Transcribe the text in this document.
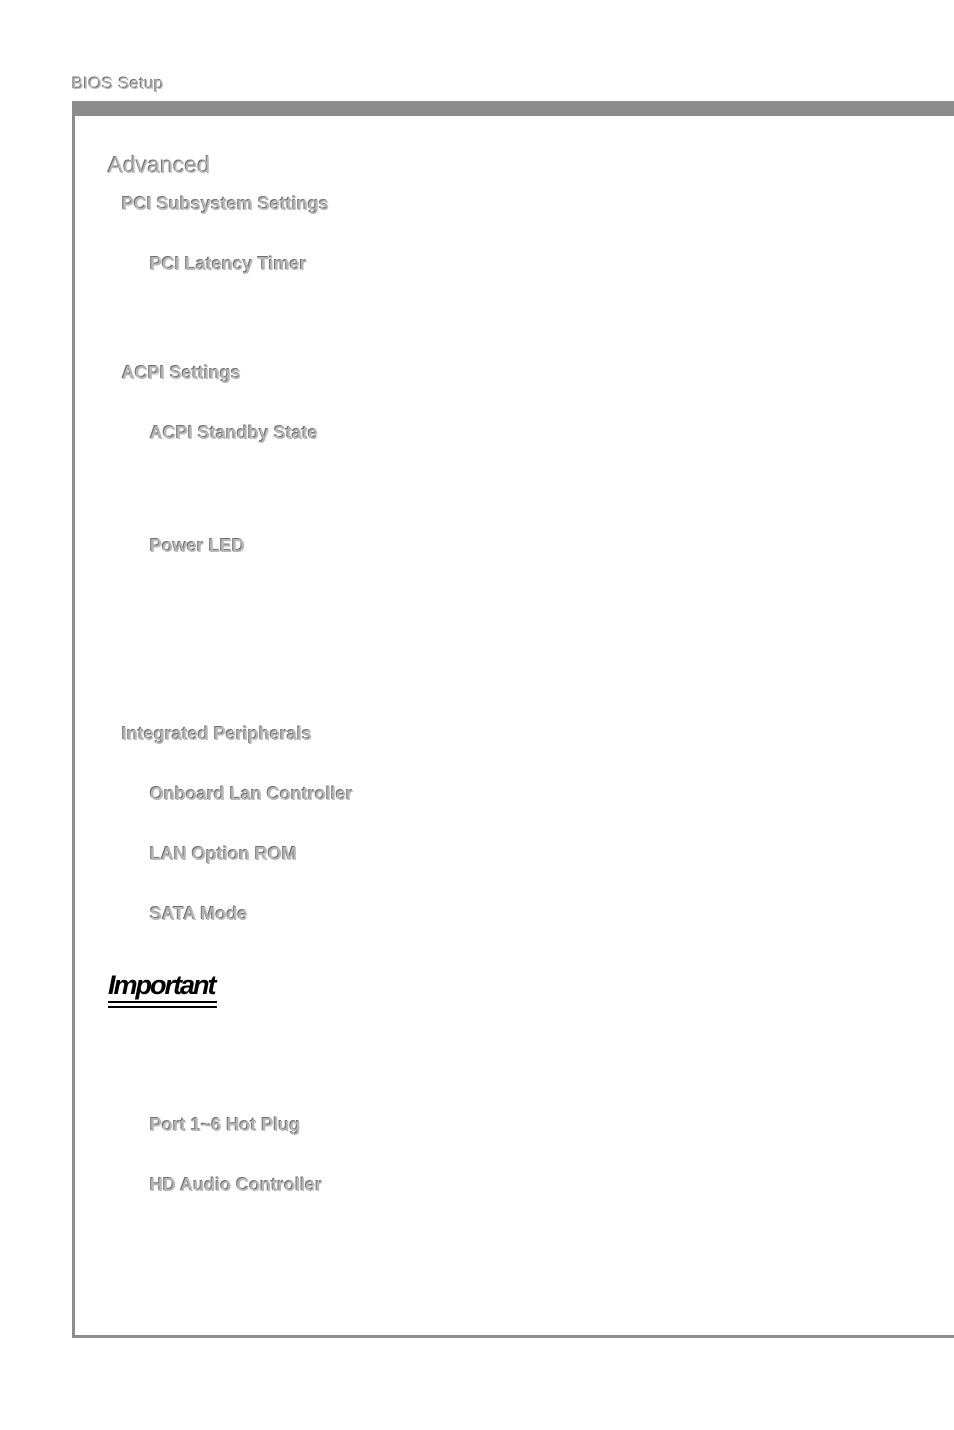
BIOS Setup
Advanced
PCI Subsystem Settings
PCI Latency Timer
ACPI Settings
ACPI Standby State
Power LED
Integrated Peripherals
Onboard Lan Controller
LAN Option ROM
SATA Mode
Important
Port 1~6 Hot Plug
HD Audio Controller
